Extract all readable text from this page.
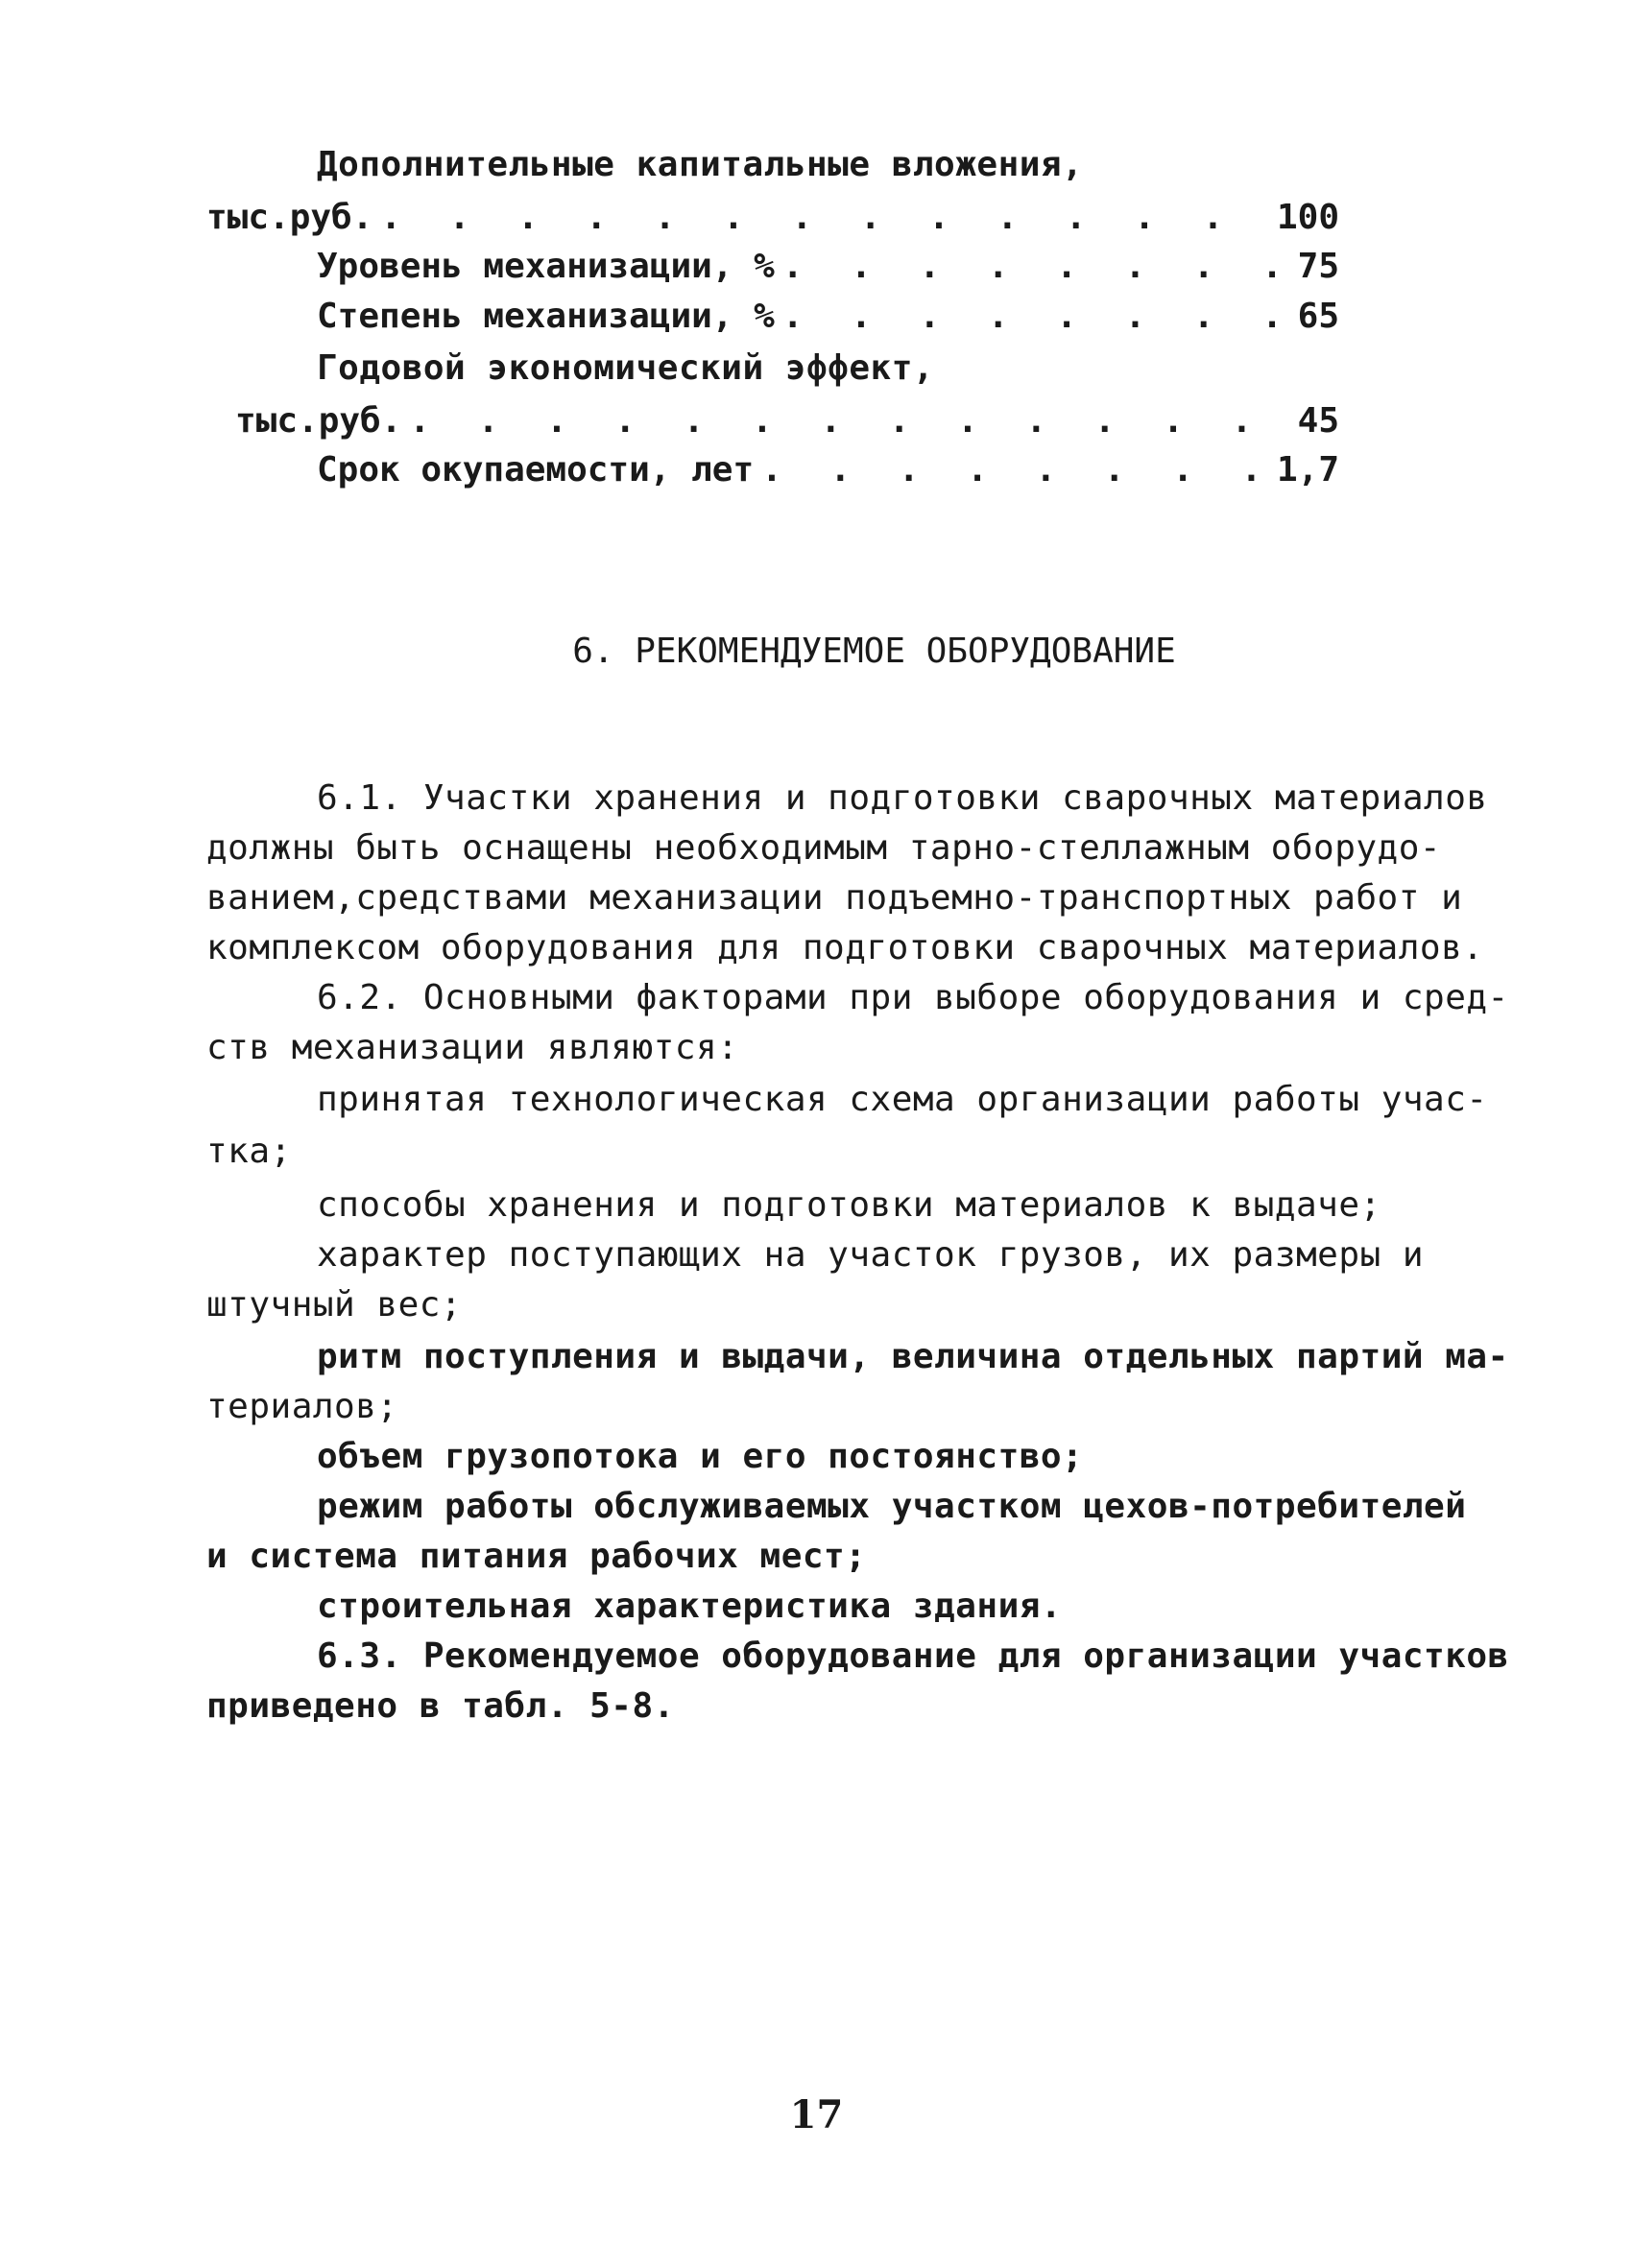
Дополнительные капитальные вложения,
тыс.руб. . . .	100
Уровень механизации, % . . .	75
Степень механизации, % . . .	65
Годовой экономический эффект,
тыс.руб. . . .	45
Срок окупаемости, лет . . .	1,7
6. РЕКОМЕНДУЕМОЕ ОБОРУДОВАНИЕ
6.1. Участки хранения и подготовки сварочных материалов
должны быть оснащены необходимым тарно-стеллажным оборудо-
ванием,средствами механизации подъемно-транспортных работ и
комплексом оборудования для подготовки сварочных материалов.
6.2. Основными факторами при выборе оборудования и сред-
ств механизации являются:
принятая технологическая схема организации работы учас-
тка;
способы хранения и подготовки материалов к выдаче;
характер поступающих на участок грузов, их размеры и
штучный вес;
ритм поступления и выдачи, величина отдельных партий ма-
териалов;
объем грузопотока и его постоянство;
режим работы обслуживаемых участком цехов-потребителей
и система питания рабочих мест;
строительная характеристика здания.
6.3. Рекомендуемое оборудование для организации участков
приведено в табл. 5-8.
17
